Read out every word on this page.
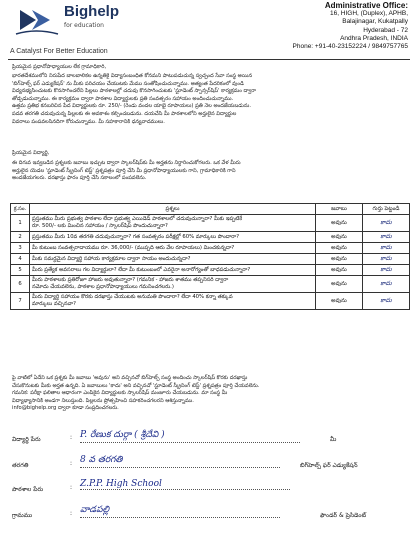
Bighelp
for education
A Catalyst For Better Education
Administrative Office:
16, HIGH, (Duplex), APHB,
Balajinagar, Kukatpally
Hyderabad - 72
Andhra Pradesh, INDIA
Phone: +91-40-23152224 / 9849757765
ప్రియమైన ప్రధానోపాధ్యాయుల లేక గ్రామాధికారి,
భారతదేశములోని నిరుపేద బాలబాలికల ఉన్నతికై విద్యాసంబంధిత కోనమని పాటుపడుచున్న స్వచ్ఛంద సేవా సంస్థ అయిన
'బిగ్‌హెల్ప్ ఫర్ ఎడ్యుకేషన్' ను మీకు పరిచయం చేయుటకు మేము సంతోషించుచున్నాము. అత్యంత పేదరికంలో వుండి
విద్యనభ్యసించుటకు కొనసాగించలేని పిల్లలు పాఠశాలల్లో చదువు కొనసాగించుటకు 'స్టూడెంట్ స్పాన్సర్‌షిప్' కార్యక్రమం ద్వారా
తోడ్పడుచున్నాము. ఈ కార్యక్రమం ద్వారా పాఠశాల విద్యార్థులకు ప్రతి సంవత్సరం సహాయం అందించుచున్నాము.
ఉత్తమ ప్రతిభ కనబరిచిన పేద విద్యార్థులకు రూ. 250/- (రెండు వందల యాభై రూపాయలు) ప్రతి నెల అందజేయబడును.
పదవ తరగతి చదువుచున్న పిల్లలకు ఈ అవకాశం కల్పించబడును. దయచేసి మీ పాఠశాలలోని అర్హులైన విద్యార్థుల
వివరాలు పంపవలసినదిగా కోరుచున్నాము. మీ సహకారానికి ధన్యవాదములు.
ప్రియమైన విద్యార్థి,
ఈ దిగువ ఇవ్వబడిన ప్రశ్నలకు జవాబు ఇచ్చుట ద్వారా స్కాలర్‌షిప్‌కు మీ అర్హతను నిర్ధారించుకోగలరు. ఒక వేళ మీరు
అర్హులైన యెడల 'స్టూడెంట్ స్క్రీనింగ్ టెస్ట్' ప్రశ్నపత్రం పూర్తి చేసి మీ ప్రధానోపాధ్యాయులకు గాని, గ్రామాధికారికి గాని
అందజేయగలరు. దరఖాస్తు ఫారం పూర్తి చేసి సకాలంలో పంపవలెను.
క్ర.సం.	ప్రశ్నలు	జవాబు	గుర్తు పెట్టండి
1	ప్రస్తుతము మీరు ప్రభుత్వ పాఠశాల లేదా ప్రభుత్వ ఎయిడెడ్ పాఠశాలలో చదువుచున్నారా? మీకు ఇప్పటికే
రూ. 500/- లకు మించిన సహాయం / స్కాలర్‌షిప్ పొందుచున్నారా?	అవును	కాదు
2	ప్రస్తుతము మీరు 10వ తరగతి చదువుచున్నారా? గత సంవత్సరం పరీక్షల్లో 60% మార్కులు పొందారా?	అవును	కాదు
3	మీ కుటుంబ సంవత్సరాదాయము రూ. 36,000/- (ముప్పది ఆరు వేల రూపాయలు) మించకున్నదా?	అవును	కాదు
4	మీకు సమర్ధమైన విద్యార్థి సహాయ కార్యక్రమాల ద్వారా సాయం అందుచున్నదా?	అవును	కాదు
5	మీరు ప్రత్యేక అవసరాలు గల విద్యార్థులా? లేదా మీ కుటుంబంలో ఎవరైనా అనారోగ్యంతో బాధపడుచున్నారా?	అవును	కాదు
6	మీరు పాఠశాలకు ప్రతిరోజూ హాజరు అవుతున్నారా? (గమనిక - హాజరు శాతము తప్పనిసరి ద్వారా
నమోదు చేయవలెను, పాఠశాల ప్రధానోపాధ్యాయులు గమనించగలరు.)	అవును	కాదు
7	మీరు విద్యార్థి సహాయం కొరకు దరఖాస్తు చేయుటకు అనుమతి పొందారా? లేదా 40% కన్నా తక్కువ
మార్కులు వచ్చినవా?	అవును	కాదు
పై వాటిలో ఏదేని ఒక ప్రశ్నకు మీ జవాబు 'అవును' అని వచ్చినచో బిగ్‌హెల్ప్ సంస్థ అందించు స్కాలర్‌షిప్ కొరకు దరఖాస్తు
చేసుకొనుటకు మీకు అర్హత ఉన్నది. ఏ జవాబులు 'కాదు' అని వచ్చినచో 'స్టూడెంట్ స్క్రీనింగ్ టెస్ట్' ప్రశ్నపత్రం పూర్తి చేయవలెను.
గమనిక: పరీక్షా ఫలితాల ఆధారంగా ఎంపికైన విద్యార్థులకు స్కాలర్‌షిప్ మంజూరు చేయబడును. మా సంస్థ మీ
విద్యాభ్యాసానికి అండగా నిలుస్తుంది. పిల్లలను ప్రోత్సహించి సహకరించగలరని ఆశిస్తున్నాము.
info@bighelp.org ద్వారా కూడా సంప్రదించగలరు.
విద్యార్థి పేరు	: P. రేణుక దుర్గా ( శ్రీదేవి )	మీ
తరగతి	: 8 వ తరగతి
బిగ్‌హెల్ప్ ఫర్ ఎడ్యుకేషన్
పాఠశాల పేరు	: Z.P.P. High School
గ్రామము	: వాడపల్లి
ఫౌండర్ & ప్రెసిడెంట్
